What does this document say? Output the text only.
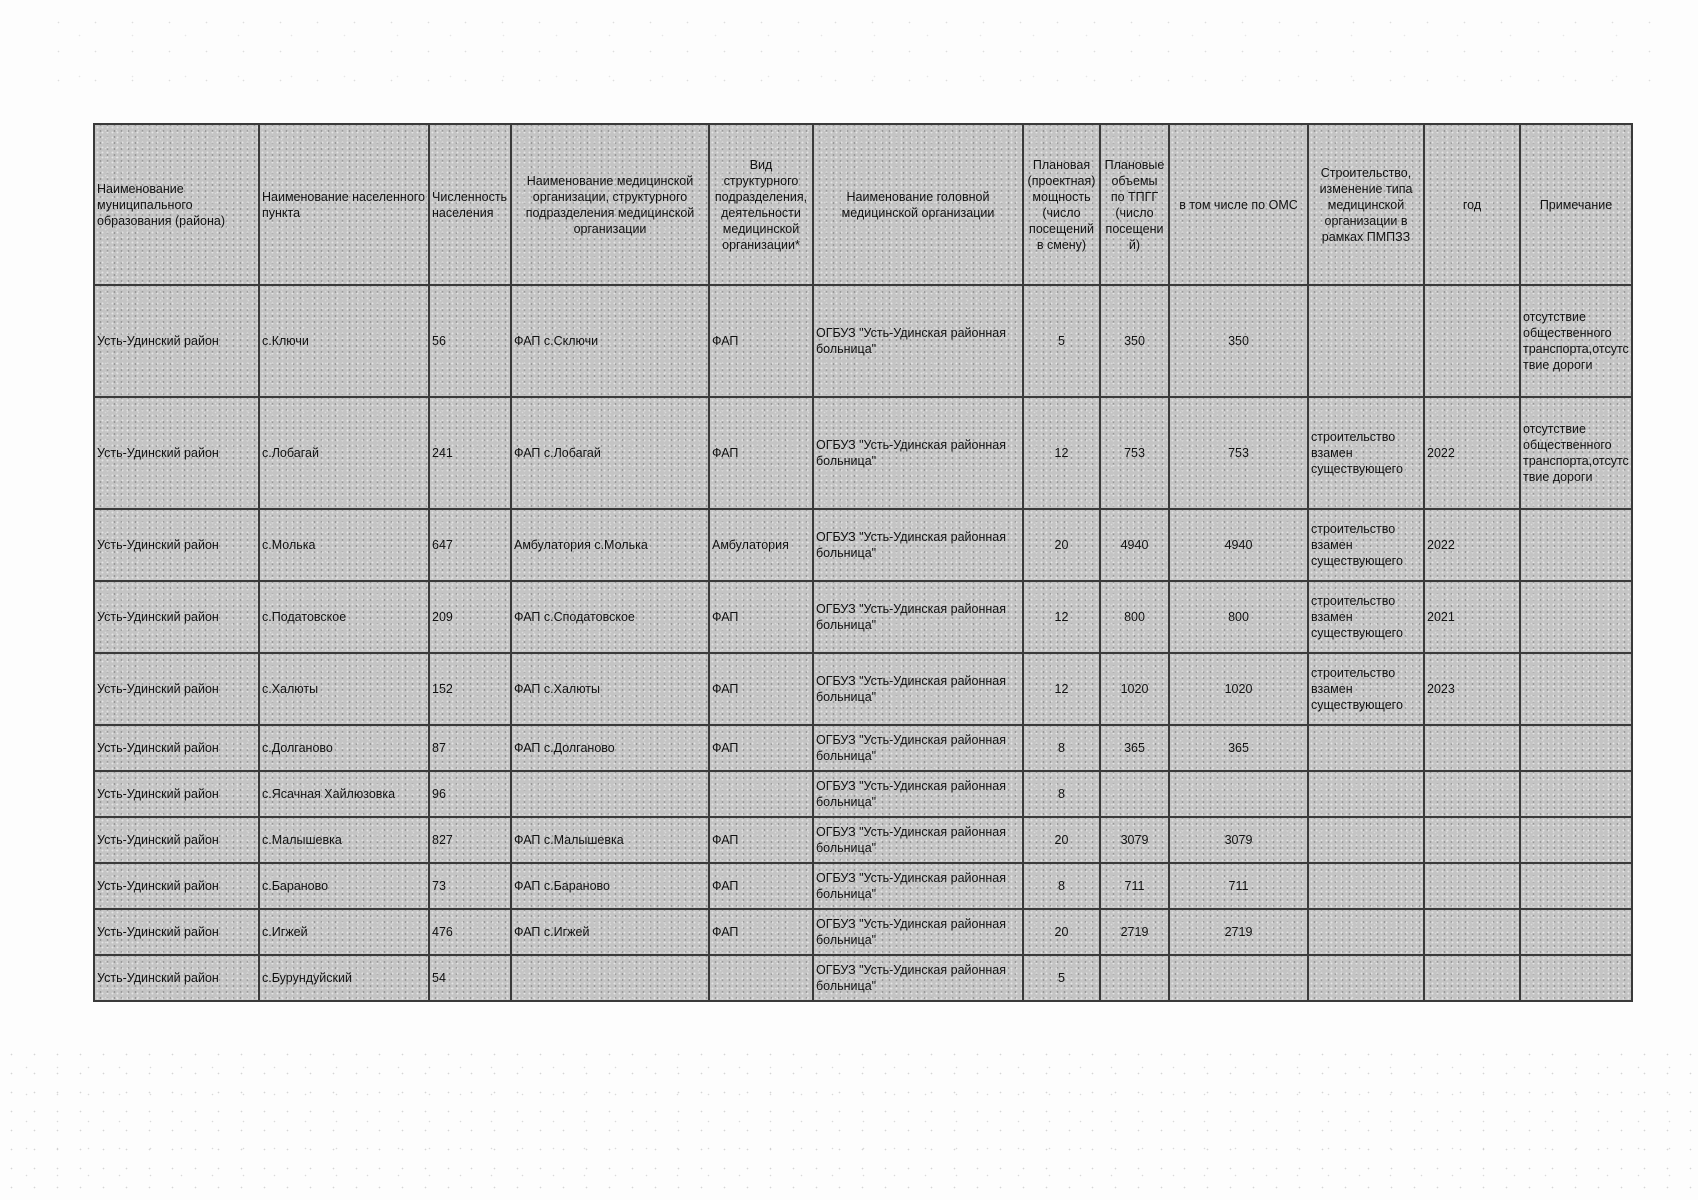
Наименование муниципального образования (района)	Наименование населенного пункта	Численность населения	Наименование медицинской организации, структурного подразделения медицинской организации	Вид структурного подразделения, деятельности медицинской организации*	Наименование головной медицинской организации	Плановая (проектная) мощность (число посещений в смену)	Плановые объемы по ТПГГ (число посещений)	в том числе по ОМС	Строительство, изменение типа медицинской организации в рамках ПМПЗЗ	год	Примечание
Усть-Удинский район	с.Ключи	56	ФАП с.Сключи	ФАП	ОГБУЗ "Усть-Удинская районная больница"	5	350	350			отсутствие общественного транспорта,отсутствие дороги
Усть-Удинский район	с.Лобагай	241	ФАП с.Лобагай	ФАП	ОГБУЗ "Усть-Удинская районная больница"	12	753	753	строительство взамен существующего	2022	отсутствие общественного транспорта,отсутствие дороги
Усть-Удинский район	с.Молька	647	Амбулатория с.Молька	Амбулатория	ОГБУЗ "Усть-Удинская районная больница"	20	4940	4940	строительство взамен существующего	2022	
Усть-Удинский район	с.Податовское	209	ФАП с.Сподатовское	ФАП	ОГБУЗ "Усть-Удинская районная больница"	12	800	800	строительство взамен существующего	2021	
Усть-Удинский район	с.Халюты	152	ФАП с.Халюты	ФАП	ОГБУЗ "Усть-Удинская районная больница"	12	1020	1020	строительство взамен существующего	2023	
Усть-Удинский район	с.Долганово	87	ФАП с.Долганово	ФАП	ОГБУЗ "Усть-Удинская районная больница"	8	365	365			
Усть-Удинский район	с.Ясачная Хайлюзовка	96			ОГБУЗ "Усть-Удинская районная больница"	8					
Усть-Удинский район	с.Малышевка	827	ФАП с.Малышевка	ФАП	ОГБУЗ "Усть-Удинская районная больница"	20	3079	3079			
Усть-Удинский район	с.Бараново	73	ФАП с.Бараново	ФАП	ОГБУЗ "Усть-Удинская районная больница"	8	711	711			
Усть-Удинский район	с.Игжей	476	ФАП с.Игжей	ФАП	ОГБУЗ "Усть-Удинская районная больница"	20	2719	2719			
Усть-Удинский район	с.Бурундуйский	54			ОГБУЗ "Усть-Удинская районная больница"	5					
